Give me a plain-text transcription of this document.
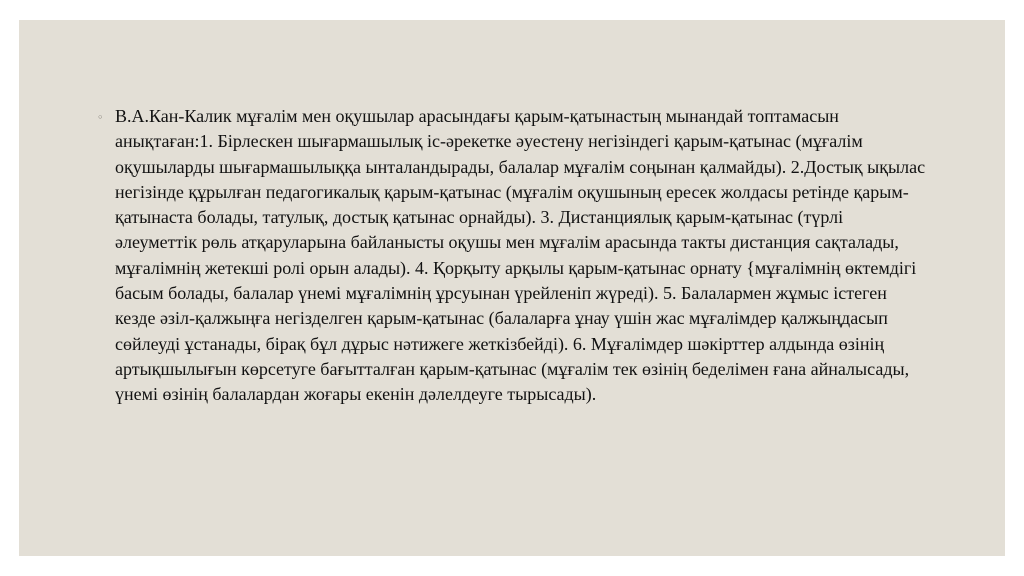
◦ В.А.Кан-Калик мұғалім мен оқушылар арасындағы қарым-қатынастың мынандай топтамасын анықтаған:1. Бірлескен шығармашылық іс-әрекетке әуестену негізіндегі қарым-қатынас (мұғалім оқушыларды шығармашылыққа ынталандырады, балалар мұғалім соңынан қалмайды). 2.Достық ықылас негізінде құрылған педагогикалық қарым-қатынас (мұғалім оқушының ересек жолдасы ретінде қарым-қатынаста болады, татулық, достық қатынас орнайды). 3. Дистанциялық қарым-қатынас (түрлі әлеуметтік рөль атқаруларына байланысты оқушы мен мұғалім арасында такты дистанция сақталады, мұғалімнің жетекші ролі орын алады). 4. Қорқыту арқылы қарым-қатынас орнату {мұғалімнің өктемдігі басым болады, балалар үнемі мұғалімнің ұрсуынан үрейленіп жүреді). 5. Балалармен жұмыс істеген кезде әзіл-қалжыңға негізделген қарым-қатынас (балаларға ұнау үшін жас мұғалімдер қалжыңдасып сөйлеуді ұстанады, бірақ бұл дұрыс нәтижеге жеткізбейді). 6. Мұғалімдер шәкірттер алдында өзінің артықшылығын көрсетуге бағытталған қарым-қатынас (мұғалім тек өзінің беделімен ғана айналысады, үнемі өзінің балалардан жоғары екенін дәлелдеуге тырысады).
